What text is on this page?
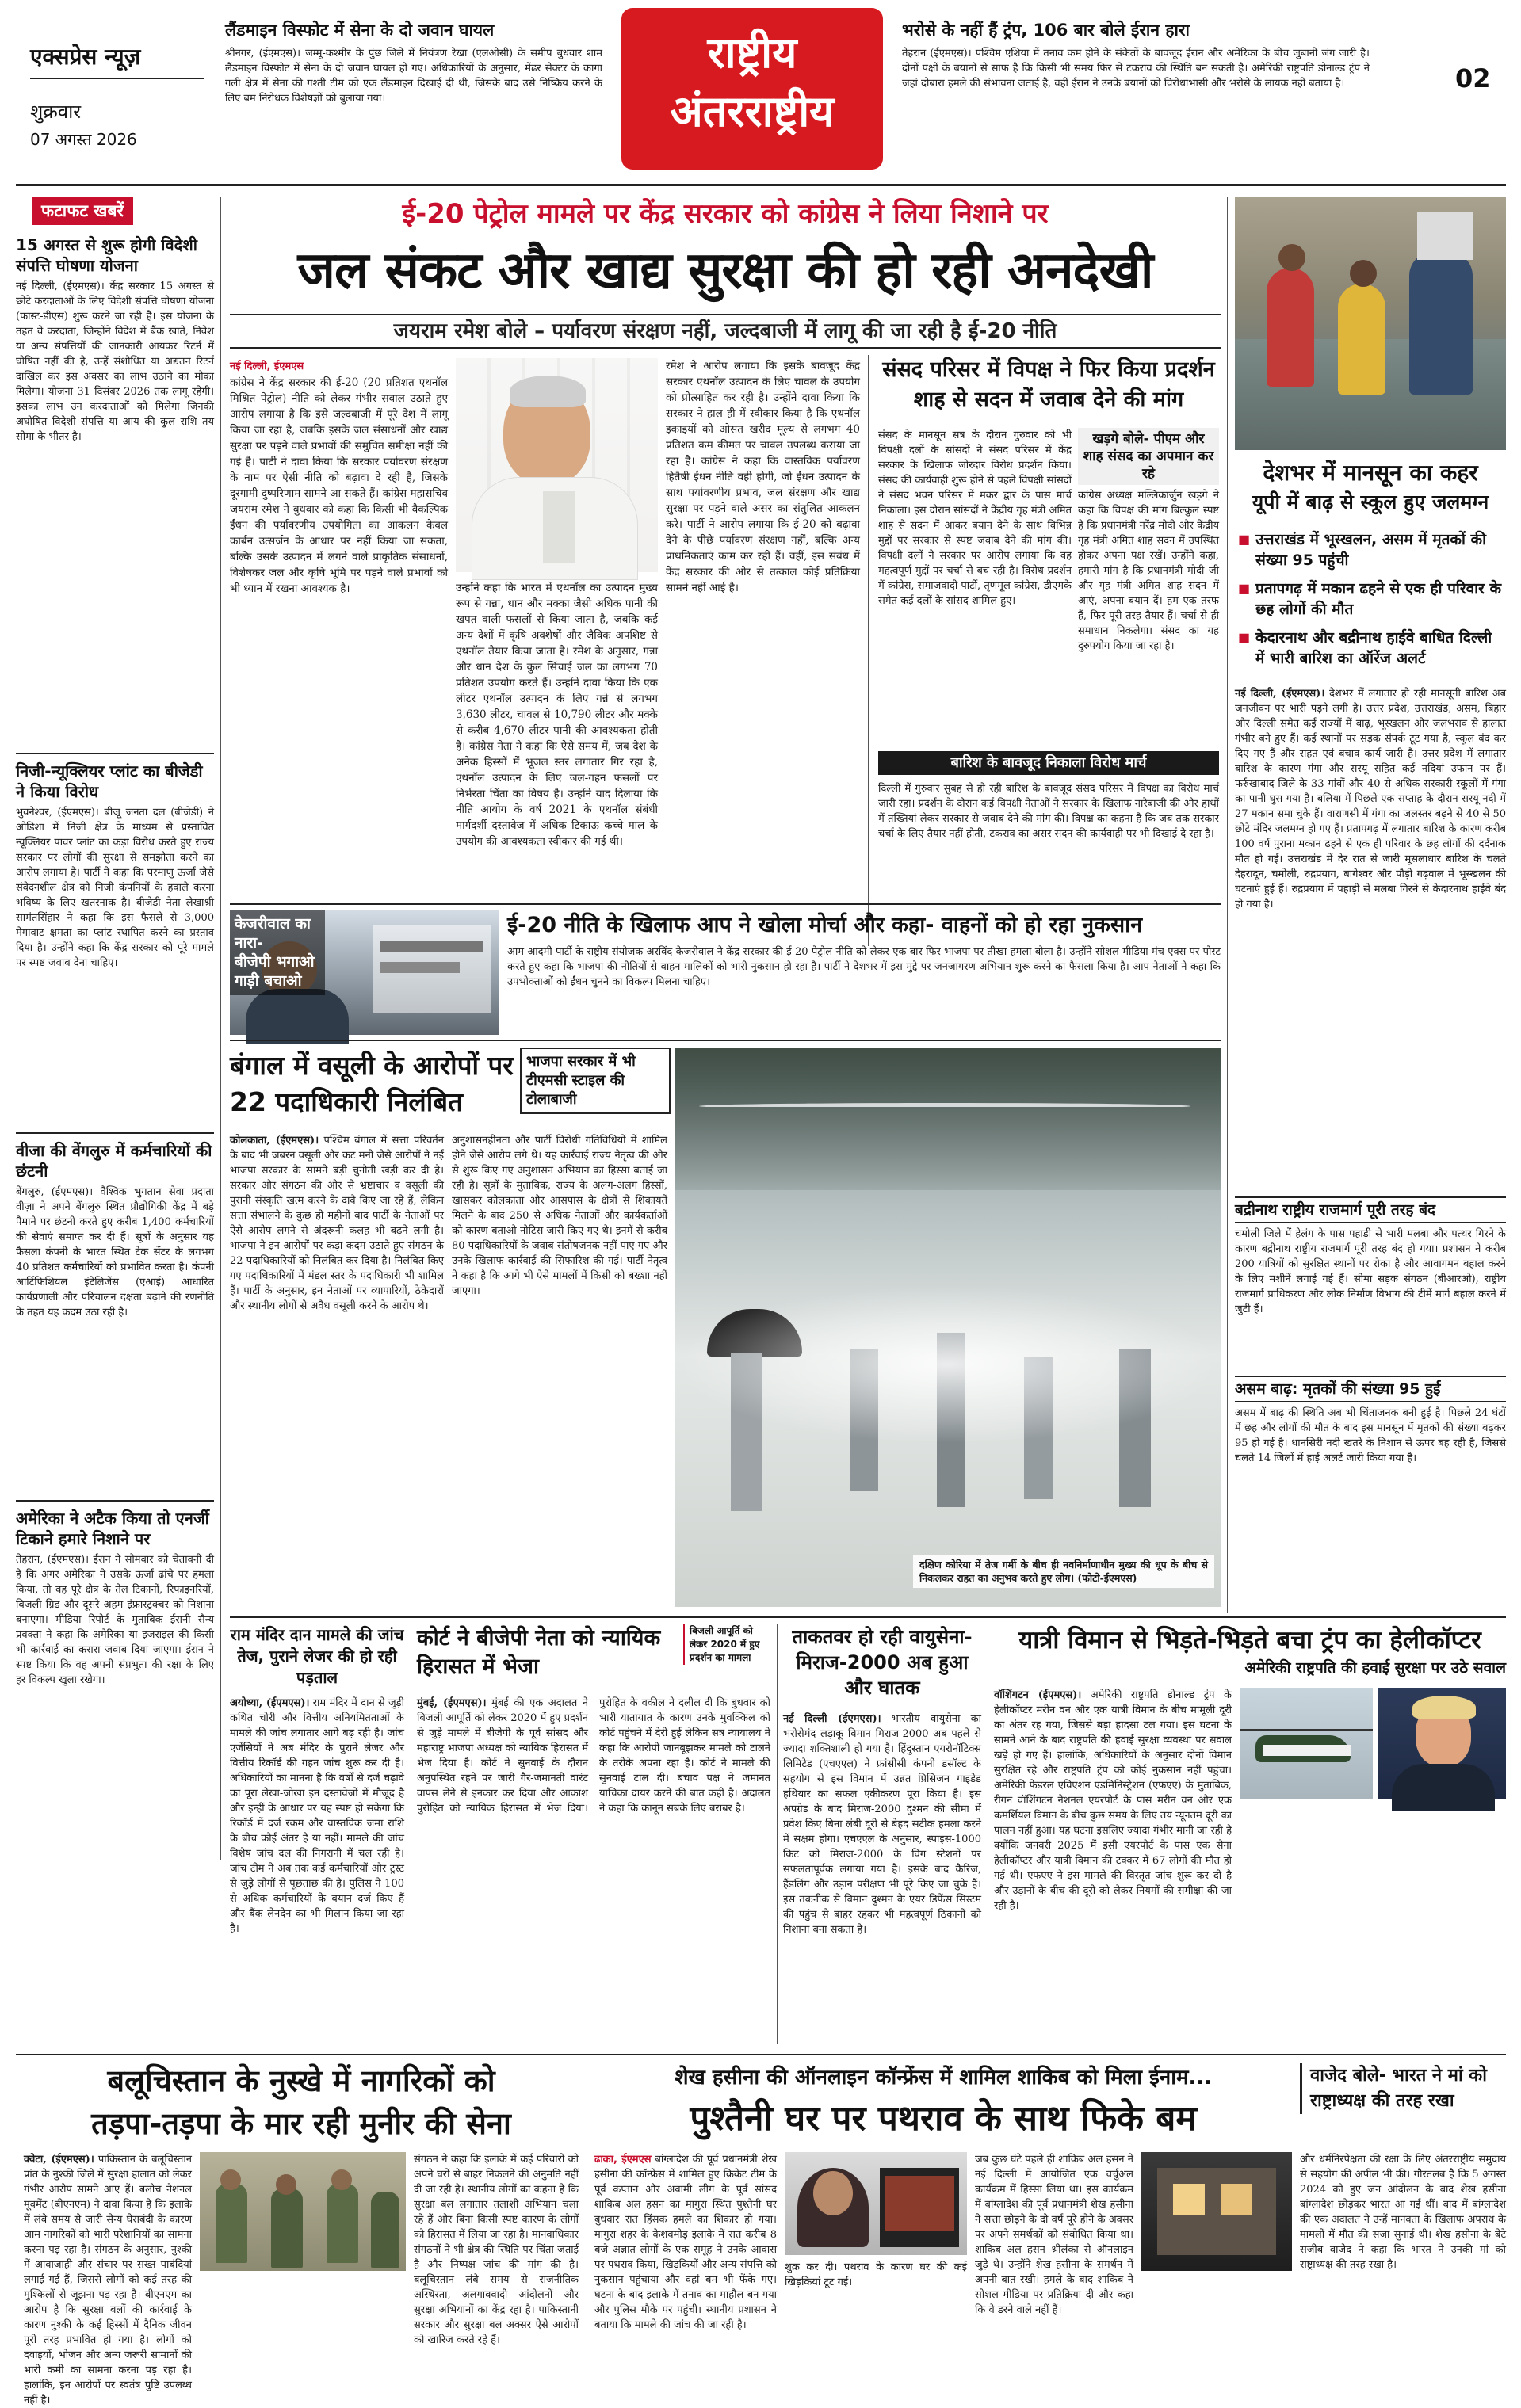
एक्सप्रेस न्यूज़
शुक्रवार
07 अगस्त 2026
लैंडमाइन विस्फोट में सेना के दो जवान घायल
श्रीनगर, (ईएमएस)। जम्मू-कश्मीर के पुंछ जिले में नियंत्रण रेखा (एलओसी) के समीप बुधवार शाम लैंडमाइन विस्फोट में सेना के दो जवान घायल हो गए। अधिकारियों के अनुसार, मेंढर सेक्टर के कागा गली क्षेत्र में सेना की गश्ती टीम को एक लैंडमाइन दिखाई दी थी, जिसके बाद उसे निष्क्रिय करने के लिए बम निरोधक विशेषज्ञों को बुलाया गया।
राष्ट्रीय
अंतरराष्ट्रीय
भरोसे के नहीं हैं ट्रंप, 106 बार बोले ईरान हारा
तेहरान (ईएमएस)। पश्चिम एशिया में तनाव कम होने के संकेतों के बावजूद ईरान और अमेरिका के बीच जुबानी जंग जारी है। दोनों पक्षों के बयानों से साफ है कि किसी भी समय फिर से टकराव की स्थिति बन सकती है। अमेरिकी राष्ट्रपति डोनाल्ड ट्रंप ने जहां दोबारा हमले की संभावना जताई है, वहीं ईरान ने उनके बयानों को विरोधाभासी और भरोसे के लायक नहीं बताया है।	02
फटाफट खबरें
15 अगस्त से शुरू होगी विदेशी संपत्ति घोषणा योजना
नई दिल्ली, (ईएमएस)। केंद्र सरकार 15 अगस्त से छोटे करदाताओं के लिए विदेशी संपत्ति घोषणा योजना (फास्ट-डीएस) शुरू करने जा रही है। इस योजना के तहत वे करदाता, जिन्होंने विदेश में बैंक खाते, निवेश या अन्य संपत्तियों की जानकारी आयकर रिटर्न में घोषित नहीं की है, उन्हें संशोधित या अद्यतन रिटर्न दाखिल कर इस अवसर का लाभ उठाने का मौका मिलेगा। योजना 31 दिसंबर 2026 तक लागू रहेगी। इसका लाभ उन करदाताओं को मिलेगा जिनकी अघोषित विदेशी संपत्ति या आय की कुल राशि तय सीमा के भीतर है।
निजी-न्यूक्लियर प्लांट का बीजेडी ने किया विरोध
भुवनेश्वर, (ईएमएस)। बीजू जनता दल (बीजेडी) ने ओडिशा में निजी क्षेत्र के माध्यम से प्रस्तावित न्यूक्लियर पावर प्लांट का कड़ा विरोध करते हुए राज्य सरकार पर लोगों की सुरक्षा से समझौता करने का आरोप लगाया है। पार्टी ने कहा कि परमाणु ऊर्जा जैसे संवेदनशील क्षेत्र को निजी कंपनियों के हवाले करना भविष्य के लिए खतरनाक है। बीजेडी नेता लेखाश्री सामंतसिंहार ने कहा कि इस फैसले से 3,000 मेगावाट क्षमता का प्लांट स्थापित करने का प्रस्ताव दिया है। उन्होंने कहा कि केंद्र सरकार को पूरे मामले पर स्पष्ट जवाब देना चाहिए।
वीजा की वेंगलुरु में कर्मचारियों की छंटनी
बेंगलुरु, (ईएमएस)। वैश्विक भुगतान सेवा प्रदाता वीज़ा ने अपने बेंगलुरु स्थित प्रौद्योगिकी केंद्र में बड़े पैमाने पर छंटनी करते हुए करीब 1,400 कर्मचारियों की सेवाएं समाप्त कर दी हैं। सूत्रों के अनुसार यह फैसला कंपनी के भारत स्थित टेक सेंटर के लगभग 40 प्रतिशत कर्मचारियों को प्रभावित करता है। कंपनी आर्टिफिशियल इंटेलिजेंस (एआई) आधारित कार्यप्रणाली और परिचालन दक्षता बढ़ाने की रणनीति के तहत यह कदम उठा रही है।
अमेरिका ने अटैक किया तो एनर्जी टिकाने हमारे निशाने पर
तेहरान, (ईएमएस)। ईरान ने सोमवार को चेतावनी दी है कि अगर अमेरिका ने उसके ऊर्जा ढांचे पर हमला किया, तो वह पूरे क्षेत्र के तेल टिकानों, रिफाइनरियों, बिजली ग्रिड और दूसरे अहम इंफ्रास्ट्रक्चर को निशाना बनाएगा। मीडिया रिपोर्ट के मुताबिक ईरानी सैन्य प्रवक्ता ने कहा कि अमेरिका या इजराइल की किसी भी कार्रवाई का करारा जवाब दिया जाएगा। ईरान ने स्पष्ट किया कि वह अपनी संप्रभुता की रक्षा के लिए हर विकल्प खुला रखेगा।
ई-20 पेट्रोल मामले पर केंद्र सरकार को कांग्रेस ने लिया निशाने पर
जल संकट और खाद्य सुरक्षा की हो रही अनदेखी
जयराम रमेश बोले – पर्यावरण संरक्षण नहीं, जल्दबाजी में लागू की जा रही है ई-20 नीति
नई दिल्ली, ईएमएस
कांग्रेस ने केंद्र सरकार की ई-20 (20 प्रतिशत एथनॉल मिश्रित पेट्रोल) नीति को लेकर गंभीर सवाल उठाते हुए आरोप लगाया है कि इसे जल्दबाजी में पूरे देश में लागू किया जा रहा है, जबकि इसके जल संसाधनों और खाद्य सुरक्षा पर पड़ने वाले प्रभावों की समुचित समीक्षा नहीं की गई है। पार्टी ने दावा किया कि सरकार पर्यावरण संरक्षण के नाम पर ऐसी नीति को बढ़ावा दे रही है, जिसके दूरगामी दुष्परिणाम सामने आ सकते हैं। कांग्रेस महासचिव जयराम रमेश ने बुधवार को कहा कि किसी भी वैकल्पिक ईंधन की पर्यावरणीय उपयोगिता का आकलन केवल कार्बन उत्सर्जन के आधार पर नहीं किया जा सकता, बल्कि उसके उत्पादन में लगने वाले प्राकृतिक संसाधनों, विशेषकर जल और कृषि भूमि पर पड़ने वाले प्रभावों को भी ध्यान में रखना आवश्यक है।	उन्होंने कहा कि भारत में एथनॉल का उत्पादन मुख्य रूप से गन्ना, धान और मक्का जैसी अधिक पानी की खपत वाली फसलों से किया जाता है, जबकि कई अन्य देशों में कृषि अवशेषों और जैविक अपशिष्ट से एथनॉल तैयार किया जाता है। रमेश के अनुसार, गन्ना और धान देश के कुल सिंचाई जल का लगभग 70 प्रतिशत उपयोग करते हैं। उन्होंने दावा किया कि एक लीटर एथनॉल उत्पादन के लिए गन्ने से लगभग 3,630 लीटर, चावल से 10,790 लीटर और मक्के से करीब 4,670 लीटर पानी की आवश्यकता होती है। कांग्रेस नेता ने कहा कि ऐसे समय में, जब देश के अनेक हिस्सों में भूजल स्तर लगातार गिर रहा है, एथनॉल उत्पादन के लिए जल-गहन फसलों पर निर्भरता चिंता का विषय है। उन्होंने याद दिलाया कि नीति आयोग के वर्ष 2021 के एथनॉल संबंधी मार्गदर्शी दस्तावेज में अधिक टिकाऊ कच्चे माल के उपयोग की आवश्यकता स्वीकार की गई थी।
रमेश ने आरोप लगाया कि इसके बावजूद केंद्र सरकार एथनॉल उत्पादन के लिए चावल के उपयोग को प्रोत्साहित कर रही है। उन्होंने दावा किया कि सरकार ने हाल ही में स्वीकार किया है कि एथनॉल इकाइयों को ओसत खरीद मूल्य से लगभग 40 प्रतिशत कम कीमत पर चावल उपलब्ध कराया जा रहा है। कांग्रेस ने कहा कि वास्तविक पर्यावरण हितैषी ईंधन नीति वही होगी, जो ईंधन उत्पादन के साथ पर्यावरणीय प्रभाव, जल संरक्षण और खाद्य सुरक्षा पर पड़ने वाले असर का संतुलित आकलन करे। पार्टी ने आरोप लगाया कि ई-20 को बढ़ावा देने के पीछे पर्यावरण संरक्षण नहीं, बल्कि अन्य प्राथमिकताएं काम कर रही हैं। वहीं, इस संबंध में केंद्र सरकार की ओर से तत्काल कोई प्रतिक्रिया सामने नहीं आई है।
संसद परिसर में विपक्ष ने फिर किया प्रदर्शन शाह से सदन में जवाब देने की मांग
संसद के मानसून सत्र के दौरान गुरुवार को भी विपक्षी दलों के सांसदों ने संसद परिसर में केंद्र सरकार के खिलाफ जोरदार विरोध प्रदर्शन किया। संसद की कार्यवाही शुरू होने से पहले विपक्षी सांसदों ने संसद भवन परिसर में मकर द्वार के पास मार्च निकाला। इस दौरान सांसदों ने केंद्रीय गृह मंत्री अमित शाह से सदन में आकर बयान देने के साथ विभिन्न मुद्दों पर सरकार से स्पष्ट जवाब देने की मांग की। विपक्षी दलों ने सरकार पर आरोप लगाया कि वह महत्वपूर्ण मुद्दों पर चर्चा से बच रही है। विरोध प्रदर्शन में कांग्रेस, समाजवादी पार्टी, तृणमूल कांग्रेस, डीएमके समेत कई दलों के सांसद शामिल हुए।
खड़गे बोले- पीएम और शाह संसद का अपमान कर रहे
कांग्रेस अध्यक्ष मल्लिकार्जुन खड़गे ने कहा कि विपक्ष की मांग बिल्कुल स्पष्ट है कि प्रधानमंत्री नरेंद्र मोदी और केंद्रीय गृह मंत्री अमित शाह सदन में उपस्थित होकर अपना पक्ष रखें। उन्होंने कहा, हमारी मांग है कि प्रधानमंत्री मोदी जी और गृह मंत्री अमित शाह सदन में आएं, अपना बयान दें। हम एक तरफ हैं, फिर पूरी तरह तैयार हैं। चर्चा से ही समाधान निकलेगा। संसद का यह दुरुपयोग किया जा रहा है।
बारिश के बावजूद निकाला विरोध मार्च
दिल्ली में गुरुवार सुबह से हो रही बारिश के बावजूद संसद परिसर में विपक्ष का विरोध मार्च जारी रहा। प्रदर्शन के दौरान कई विपक्षी नेताओं ने सरकार के खिलाफ नारेबाजी की और हाथों में तख्तियां लेकर सरकार से जवाब देने की मांग की। विपक्ष का कहना है कि जब तक सरकार चर्चा के लिए तैयार नहीं होती, टकराव का असर सदन की कार्यवाही पर भी दिखाई दे रहा है।
केजरीवाल का नारा-
बीजेपी भगाओ गाड़ी बचाओ
ई-20 नीति के खिलाफ आप ने खोला मोर्चा और कहा- वाहनों को हो रहा नुकसान
आम आदमी पार्टी के राष्ट्रीय संयोजक अरविंद केजरीवाल ने केंद्र सरकार की ई-20 पेट्रोल नीति को लेकर एक बार फिर भाजपा पर तीखा हमला बोला है। उन्होंने सोशल मीडिया मंच एक्स पर पोस्ट करते हुए कहा कि भाजपा की नीतियों से वाहन मालिकों को भारी नुकसान हो रहा है। पार्टी ने देशभर में इस मुद्दे पर जनजागरण अभियान शुरू करने का फैसला किया है। आप नेताओं ने कहा कि उपभोक्ताओं को ईंधन चुनने का विकल्प मिलना चाहिए।
बंगाल में वसूली के आरोपों पर 22 पदाधिकारी निलंबित
भाजपा सरकार में भी टीएमसी स्टाइल की टोलाबाजी
कोलकाता, (ईएमएस)। पश्चिम बंगाल में सत्ता परिवर्तन के बाद भी जबरन वसूली और कट मनी जैसे आरोपों ने नई भाजपा सरकार के सामने बड़ी चुनौती खड़ी कर दी है। सरकार और संगठन की ओर से भ्रष्टाचार व वसूली की पुरानी संस्कृति खत्म करने के दावे किए जा रहे हैं, लेकिन सत्ता संभालने के कुछ ही महीनों बाद पार्टी के नेताओं पर ऐसे आरोप लगने से अंदरूनी कलह भी बढ़ने लगी है। भाजपा ने इन आरोपों पर कड़ा कदम उठाते हुए संगठन के 22 पदाधिकारियों को निलंबित कर दिया है। निलंबित किए गए पदाधिकारियों में मंडल स्तर के पदाधिकारी भी शामिल हैं। पार्टी के अनुसार, इन नेताओं पर व्यापारियों, ठेकेदारों और स्थानीय लोगों से अवैध वसूली करने के आरोप थे।
अनुशासनहीनता और पार्टी विरोधी गतिविधियों में शामिल होने जैसे आरोप लगे थे। यह कार्रवाई राज्य नेतृत्व की ओर से शुरू किए गए अनुशासन अभियान का हिस्सा बताई जा रही है। सूत्रों के मुताबिक, राज्य के अलग-अलग हिस्सों, खासकर कोलकाता और आसपास के क्षेत्रों से शिकायतें मिलने के बाद 250 से अधिक नेताओं और कार्यकर्ताओं को कारण बताओ नोटिस जारी किए गए थे। इनमें से करीब 80 पदाधिकारियों के जवाब संतोषजनक नहीं पाए गए और उनके खिलाफ कार्रवाई की सिफारिश की गई। पार्टी नेतृत्व ने कहा है कि आगे भी ऐसे मामलों में किसी को बख्शा नहीं जाएगा।
दक्षिण कोरिया में तेज गर्मी के बीच ही नवनिर्माणाधीन मुख्य की धूप के बीच से निकलकर राहत का अनुभव करते हुए लोग। (फोटो-ईएमएस)
देशभर में मानसून का कहर
यूपी में बाढ़ से स्कूल हुए जलमग्न
■ उत्तराखंड में भूस्खलन, असम में मृतकों की संख्या 95 पहुंची
■ प्रतापगढ़ में मकान ढहने से एक ही परिवार के छह लोगों की मौत
■ केदारनाथ और बद्रीनाथ हाईवे बाधित दिल्ली में भारी बारिश का ऑरेंज अलर्ट
नई दिल्ली, (ईएमएस)। देशभर में लगातार हो रही मानसूनी बारिश अब जनजीवन पर भारी पड़ने लगी है। उत्तर प्रदेश, उत्तराखंड, असम, बिहार और दिल्ली समेत कई राज्यों में बाढ़, भूस्खलन और जलभराव से हालात गंभीर बने हुए हैं। कई स्थानों पर सड़क संपर्क टूट गया है, स्कूल बंद कर दिए गए हैं और राहत एवं बचाव कार्य जारी है। उत्तर प्रदेश में लगातार बारिश के कारण गंगा और सरयू सहित कई नदियां उफान पर हैं। फर्रुखाबाद जिले के 33 गांवों और 40 से अधिक सरकारी स्कूलों में गंगा का पानी घुस गया है। बलिया में पिछले एक सप्ताह के दौरान सरयू नदी में 27 मकान समा चुके हैं। वाराणसी में गंगा का जलस्तर बढ़ने से 40 से 50 छोटे मंदिर जलमग्न हो गए हैं। प्रतापगढ़ में लगातार बारिश के कारण करीब 100 वर्ष पुराना मकान ढहने से एक ही परिवार के छह लोगों की दर्दनाक मौत हो गई। उत्तराखंड में देर रात से जारी मूसलाधार बारिश के चलते देहरादून, चमोली, रुद्रप्रयाग, बागेश्वर और पौड़ी गढ़वाल में भूस्खलन की घटनाएं हुई हैं। रुद्रप्रयाग में पहाड़ी से मलबा गिरने से केदारनाथ हाईवे बंद हो गया है।
बद्रीनाथ राष्ट्रीय राजमार्ग पूरी तरह बंद
चमोली जिले में हेलंग के पास पहाड़ी से भारी मलबा और पत्थर गिरने के कारण बद्रीनाथ राष्ट्रीय राजमार्ग पूरी तरह बंद हो गया। प्रशासन ने करीब 200 यात्रियों को सुरक्षित स्थानों पर रोका है और आवागमन बहाल करने के लिए मशीनें लगाई गई हैं। सीमा सड़क संगठन (बीआरओ), राष्ट्रीय राजमार्ग प्राधिकरण और लोक निर्माण विभाग की टीमें मार्ग बहाल करने में जुटी हैं।
असम बाढ़: मृतकों की संख्या 95 हुई
असम में बाढ़ की स्थिति अब भी चिंताजनक बनी हुई है। पिछले 24 घंटों में छह और लोगों की मौत के बाद इस मानसून में मृतकों की संख्या बढ़कर 95 हो गई है। धानसिरी नदी खतरे के निशान से ऊपर बह रही है, जिससे चलते 14 जिलों में हाई अलर्ट जारी किया गया है।
राम मंदिर दान मामले की जांच तेज, पुराने लेजर की हो रही पड़ताल
अयोध्या, (ईएमएस)। राम मंदिर में दान से जुड़ी कथित चोरी और वित्तीय अनियमितताओं के मामले की जांच लगातार आगे बढ़ रही है। जांच एजेंसियों ने अब मंदिर के पुराने लेजर और वित्तीय रिकॉर्ड की गहन जांच शुरू कर दी है। अधिकारियों का मानना है कि वर्षों से दर्ज चढ़ावे का पूरा लेखा-जोखा इन दस्तावेजों में मौजूद है और इन्हीं के आधार पर यह स्पष्ट हो सकेगा कि रिकॉर्ड में दर्ज रकम और वास्तविक जमा राशि के बीच कोई अंतर है या नहीं। मामले की जांच विशेष जांच दल की निगरानी में चल रही है। जांच टीम ने अब तक कई कर्मचारियों और ट्रस्ट से जुड़े लोगों से पूछताछ की है। पुलिस ने 100 से अधिक कर्मचारियों के बयान दर्ज किए हैं और बैंक लेनदेन का भी मिलान किया जा रहा है।
कोर्ट ने बीजेपी नेता को न्यायिक हिरासत में भेजा
बिजली आपूर्ति को लेकर 2020 में हुए प्रदर्शन का मामला
मुंबई, (ईएमएस)। मुंबई की एक अदालत ने बिजली आपूर्ति को लेकर 2020 में हुए प्रदर्शन से जुड़े मामले में बीजेपी के पूर्व सांसद और महाराष्ट्र भाजपा अध्यक्ष को न्यायिक हिरासत में भेज दिया है। कोर्ट ने सुनवाई के दौरान अनुपस्थित रहने पर जारी गैर-जमानती वारंट वापस लेने से इनकार कर दिया और आकाश पुरोहित को न्यायिक हिरासत में भेज दिया। पुरोहित के वकील ने दलील दी कि बुधवार को भारी यातायात के कारण उनके मुवक्किल को कोर्ट पहुंचने में देरी हुई लेकिन सत्र न्यायालय ने कहा कि आरोपी जानबूझकर मामले को टालने के तरीके अपना रहा है। कोर्ट ने मामले की सुनवाई टाल दी। बचाव पक्ष ने जमानत याचिका दायर करने की बात कही है। अदालत ने कहा कि कानून सबके लिए बराबर है।
ताकतवर हो रही वायुसेना- मिराज-2000 अब हुआ और घातक
नई दिल्ली (ईएमएस)। भारतीय वायुसेना का भरोसेमंद लड़ाकू विमान मिराज-2000 अब पहले से ज्यादा शक्तिशाली हो गया है। हिंदुस्तान एयरोनॉटिक्स लिमिटेड (एचएएल) ने फ्रांसीसी कंपनी डसॉल्ट के सहयोग से इस विमान में उन्नत प्रिसिजन गाइडेड हथियार का सफल एकीकरण पूरा किया है। इस अपग्रेड के बाद मिराज-2000 दुश्मन की सीमा में प्रवेश किए बिना लंबी दूरी से बेहद सटीक हमला करने में सक्षम होगा। एचएएल के अनुसार, स्पाइस-1000 किट को मिराज-2000 के विंग स्टेशनों पर सफलतापूर्वक लगाया गया है। इसके बाद कैरिज, हैंडलिंग और उड़ान परीक्षण भी पूरे किए जा चुके हैं। इस तकनीक से विमान दुश्मन के एयर डिफेंस सिस्टम की पहुंच से बाहर रहकर भी महत्वपूर्ण ठिकानों को निशाना बना सकता है।
यात्री विमान से भिड़ते-भिड़ते बचा ट्रंप का हेलीकॉप्टर
अमेरिकी राष्ट्रपति की हवाई सुरक्षा पर उठे सवाल
वॉशिंगटन (ईएमएस)। अमेरिकी राष्ट्रपति डोनाल्ड ट्रंप के हेलीकॉप्टर मरीन वन और एक यात्री विमान के बीच मामूली दूरी का अंतर रह गया, जिससे बड़ा हादसा टल गया। इस घटना के सामने आने के बाद राष्ट्रपति की हवाई सुरक्षा व्यवस्था पर सवाल खड़े हो गए हैं। हालांकि, अधिकारियों के अनुसार दोनों विमान सुरक्षित रहे और राष्ट्रपति ट्रंप को कोई नुकसान नहीं पहुंचा। अमेरिकी फेडरल एविएशन एडमिनिस्ट्रेशन (एफएए) के मुताबिक, रीगन वॉशिंगटन नेशनल एयरपोर्ट के पास मरीन वन और एक कमर्शियल विमान के बीच कुछ समय के लिए तय न्यूनतम दूरी का पालन नहीं हुआ। यह घटना इसलिए ज्यादा गंभीर मानी जा रही है क्योंकि जनवरी 2025 में इसी एयरपोर्ट के पास एक सेना हेलीकॉप्टर और यात्री विमान की टक्कर में 67 लोगों की मौत हो गई थी। एफएए ने इस मामले की विस्तृत जांच शुरू कर दी है और उड़ानों के बीच की दूरी को लेकर नियमों की समीक्षा की जा रही है।
बलूचिस्तान के नुस्खे में नागरिकों को
तड़पा-तड़पा के मार रही मुनीर की सेना
क्वेटा, (ईएमएस)। पाकिस्तान के बलूचिस्तान प्रांत के नुश्की जिले में सुरक्षा हालात को लेकर गंभीर आरोप सामने आए हैं। बलोच नेशनल मूवमेंट (बीएनएम) ने दावा किया है कि इलाके में लंबे समय से जारी सैन्य घेराबंदी के कारण आम नागरिकों को भारी परेशानियों का सामना करना पड़ रहा है। संगठन के अनुसार, नुश्की में आवाजाही और संचार पर सख्त पाबंदियां लगाई गई हैं, जिससे लोगों को कई तरह की मुश्किलों से जूझना पड़ रहा है। बीएनएम का आरोप है कि सुरक्षा बलों की कार्रवाई के कारण नुश्की के कई हिस्सों में दैनिक जीवन पूरी तरह प्रभावित हो गया है। लोगों को दवाइयों, भोजन और अन्य जरूरी सामानों की भारी कमी का सामना करना पड़ रहा है। हालांकि, इन आरोपों पर स्वतंत्र पुष्टि उपलब्ध नहीं है।
संगठन ने कहा कि इलाके में कई परिवारों को अपने घरों से बाहर निकलने की अनुमति नहीं दी जा रही है। स्थानीय लोगों का कहना है कि सुरक्षा बल लगातार तलाशी अभियान चला रहे हैं और बिना किसी स्पष्ट कारण के लोगों को हिरासत में लिया जा रहा है। मानवाधिकार संगठनों ने भी क्षेत्र की स्थिति पर चिंता जताई है और निष्पक्ष जांच की मांग की है। बलूचिस्तान लंबे समय से राजनीतिक अस्थिरता, अलगाववादी आंदोलनों और सुरक्षा अभियानों का केंद्र रहा है। पाकिस्तानी सरकार और सुरक्षा बल अक्सर ऐसे आरोपों को खारिज करते रहे हैं।
शेख हसीना की ऑनलाइन कॉन्फ्रेंस में शामिल शाकिब को मिला ईनाम...
पुश्तैनी घर पर पथराव के साथ फिके बम
वाजेद बोले- भारत ने मां को राष्ट्राध्यक्ष की तरह रखा
ढाका, ईएमएस बांग्लादेश की पूर्व प्रधानमंत्री शेख हसीना की कॉन्फ्रेंस में शामिल हुए क्रिकेट टीम के पूर्व कप्तान और अवामी लीग के पूर्व सांसद शाकिब अल हसन का मागुरा स्थित पुश्तैनी घर बुधवार रात हिंसक हमले का शिकार हो गया। मागुरा शहर के केशवमोड़ इलाके में रात करीब 8 बजे अज्ञात लोगों के एक समूह ने उनके आवास पर पथराव किया, खिड़कियों और अन्य संपत्ति को नुकसान पहुंचाया और वहां बम भी फेंके गए। घटना के बाद इलाके में तनाव का माहौल बन गया और पुलिस मौके पर पहुंची। स्थानीय प्रशासन ने बताया कि मामले की जांच की जा रही है।
शुक्र कर दी। पथराव के कारण घर की कई खिड़कियां टूट गईं।
जब कुछ घंटे पहले ही शाकिब अल हसन ने नई दिल्ली में आयोजित एक वर्चुअल कार्यक्रम में हिस्सा लिया था। इस कार्यक्रम में बांग्लादेश की पूर्व प्रधानमंत्री शेख हसीना ने सत्ता छोड़ने के दो वर्ष पूरे होने के अवसर पर अपने समर्थकों को संबोधित किया था। शाकिब अल हसन श्रीलंका से ऑनलाइन जुड़े थे। उन्होंने शेख हसीना के समर्थन में अपनी बात रखी। हमले के बाद शाकिब ने सोशल मीडिया पर प्रतिक्रिया दी और कहा कि वे डरने वाले नहीं हैं।
और धर्मनिरपेक्षता की रक्षा के लिए अंतरराष्ट्रीय समुदाय से सहयोग की अपील भी की। गौरतलब है कि 5 अगस्त 2024 को हुए जन आंदोलन के बाद शेख हसीना बांग्लादेश छोड़कर भारत आ गई थीं। बाद में बांग्लादेश की एक अदालत ने उन्हें मानवता के खिलाफ अपराध के मामलों में मौत की सजा सुनाई थी। शेख हसीना के बेटे सजीब वाजेद ने कहा कि भारत ने उनकी मां को राष्ट्राध्यक्ष की तरह रखा है।
